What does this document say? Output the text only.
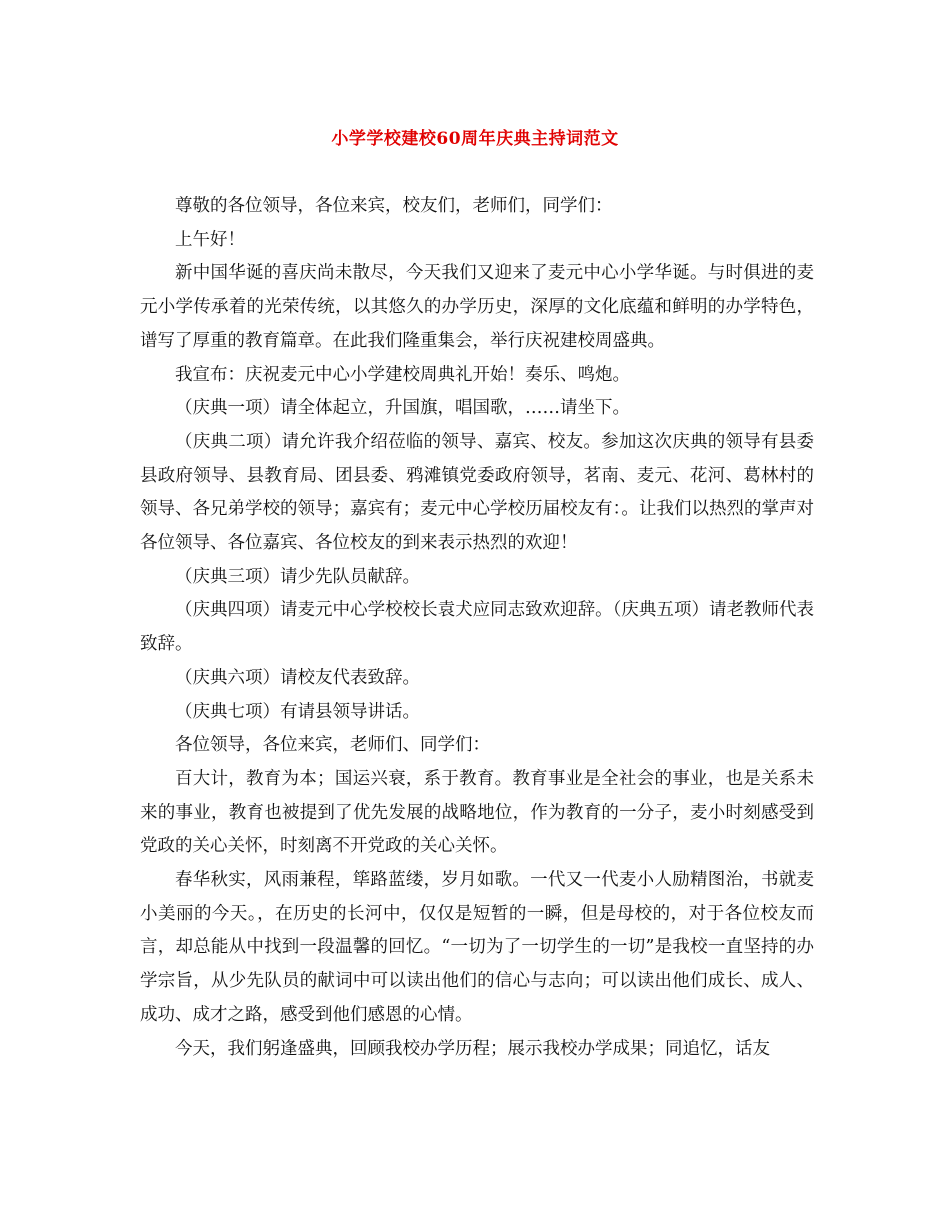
小学学校建校60周年庆典主持词范文

尊敬的各位领导，各位来宾，校友们，老师们，同学们：

上午好！

新中国华诞的喜庆尚未散尽，今天我们又迎来了麦元中心小学华诞。与时俱进的麦元小学传承着的光荣传统，以其悠久的办学历史，深厚的文化底蕴和鲜明的办学特色，谱写了厚重的教育篇章。在此我们隆重集会，举行庆祝建校周盛典。

我宣布：庆祝麦元中心小学建校周典礼开始！奏乐、鸣炮。

（庆典一项）请全体起立，升国旗，唱国歌，……请坐下。

（庆典二项）请允许我介绍莅临的领导、嘉宾、校友。参加这次庆典的领导有县委县政府领导、县教育局、团县委、鸦滩镇党委政府领导，茗南、麦元、花河、葛林村的领导、各兄弟学校的领导；嘉宾有；麦元中心学校历届校友有：。让我们以热烈的掌声对各位领导、各位嘉宾、各位校友的到来表示热烈的欢迎！

（庆典三项）请少先队员献辞。

（庆典四项）请麦元中心学校校长袁犬应同志致欢迎辞。（庆典五项）请老教师代表致辞。

（庆典六项）请校友代表致辞。

（庆典七项）有请县领导讲话。

各位领导，各位来宾，老师们、同学们：

百大计，教育为本；国运兴衰，系于教育。教育事业是全社会的事业，也是关系未来的事业，教育也被提到了优先发展的战略地位，作为教育的一分子，麦小时刻感受到党政的关心关怀，时刻离不开党政的关心关怀。

春华秋实，风雨兼程，筚路蓝缕，岁月如歌。一代又一代麦小人励精图治，书就麦小美丽的今天。，在历史的长河中，仅仅是短暂的一瞬，但是母校的，对于各位校友而言，却总能从中找到一段温馨的回忆。“一切为了一切学生的一切”是我校一直坚持的办学宗旨，从少先队员的献词中可以读出他们的信心与志向；可以读出他们成长、成人、成功、成才之路，感受到他们感恩的心情。

今天，我们躬逢盛典，回顾我校办学历程；展示我校办学成果；同追忆，话友
